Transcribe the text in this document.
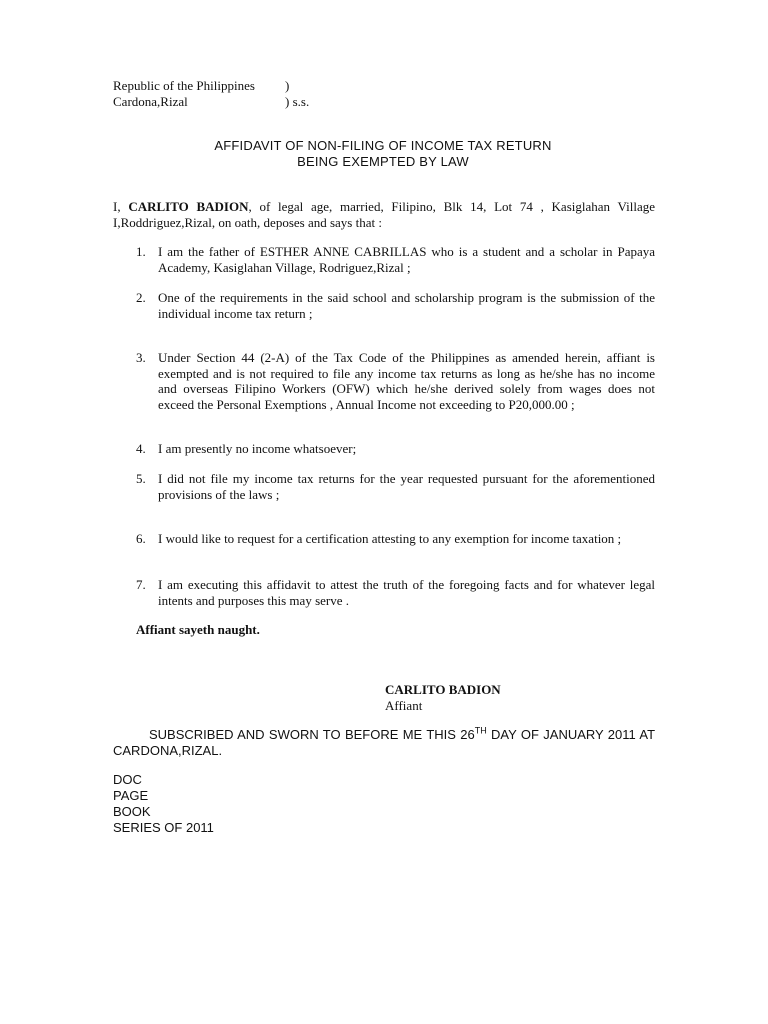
Republic of the Philippines	)
Cardona,Rizal	) s.s.
AFFIDAVIT OF NON-FILING OF INCOME TAX RETURN
BEING EXEMPTED BY LAW
I, CARLITO BADION, of legal age, married, Filipino, Blk 14, Lot 74 , Kasiglahan Village I,Roddriguez,Rizal, on oath, deposes and says that :
1. I am the father of ESTHER ANNE CABRILLAS who is a student and a scholar in Papaya Academy, Kasiglahan Village, Rodriguez,Rizal ;
2. One of the requirements in the said school and scholarship program is the submission of the individual income tax return ;
3. Under Section 44 (2-A) of the Tax Code of the Philippines as amended herein, affiant is exempted and is not required to file any income tax returns as long as he/she has no income and overseas Filipino Workers (OFW) which he/she derived solely from wages does not exceed the Personal Exemptions , Annual Income not exceeding to P20,000.00 ;
4. I am presently no income whatsoever;
5. I did not file my income tax returns for the year requested pursuant for the aforementioned provisions of the laws ;
6. I would like to request for a certification attesting to any exemption for income taxation ;
7. I am executing this affidavit to attest the truth of the foregoing facts and for whatever legal intents and purposes this may serve .
Affiant sayeth naught.
CARLITO BADION
Affiant
SUBSCRIBED AND SWORN TO BEFORE ME THIS 26TH DAY OF JANUARY 2011 AT CARDONA,RIZAL.
DOC
PAGE
BOOK
SERIES OF 2011
